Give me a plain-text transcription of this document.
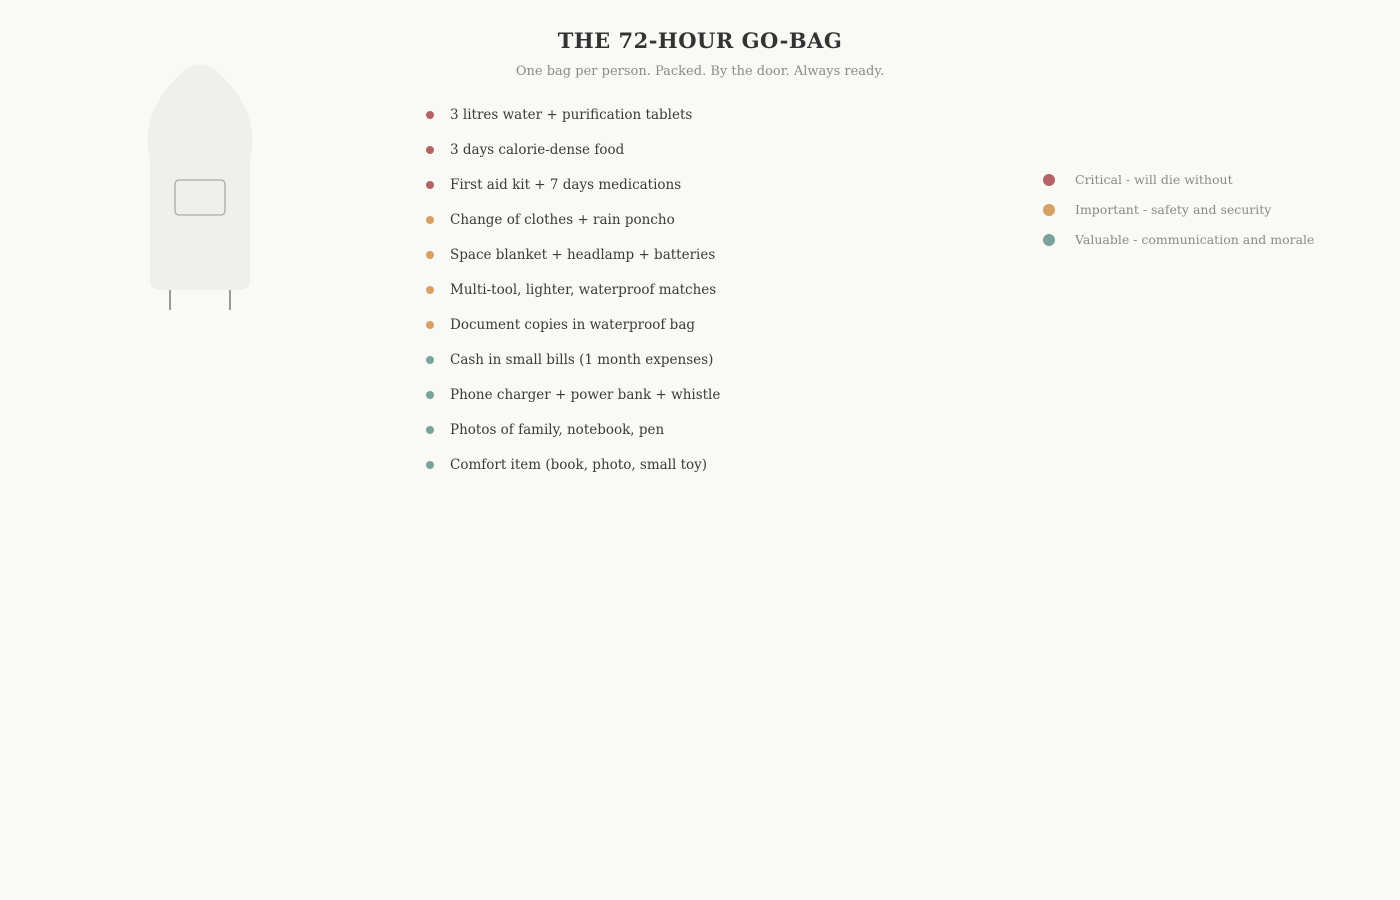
THE 72-HOUR GO-BAG

One bag per person. Packed. By the door. Always ready.

3 litres water + purification tablets
3 days calorie-dense food
First aid kit + 7 days medications
Change of clothes + rain poncho
Space blanket + headlamp + batteries
Multi-tool, lighter, waterproof matches
Document copies in waterproof bag
Cash in small bills (1 month expenses)
Phone charger + power bank + whistle
Photos of family, notebook, pen
Comfort item (book, photo, small toy)
Critical - will die without
Important - safety and security
Valuable - communication and morale
